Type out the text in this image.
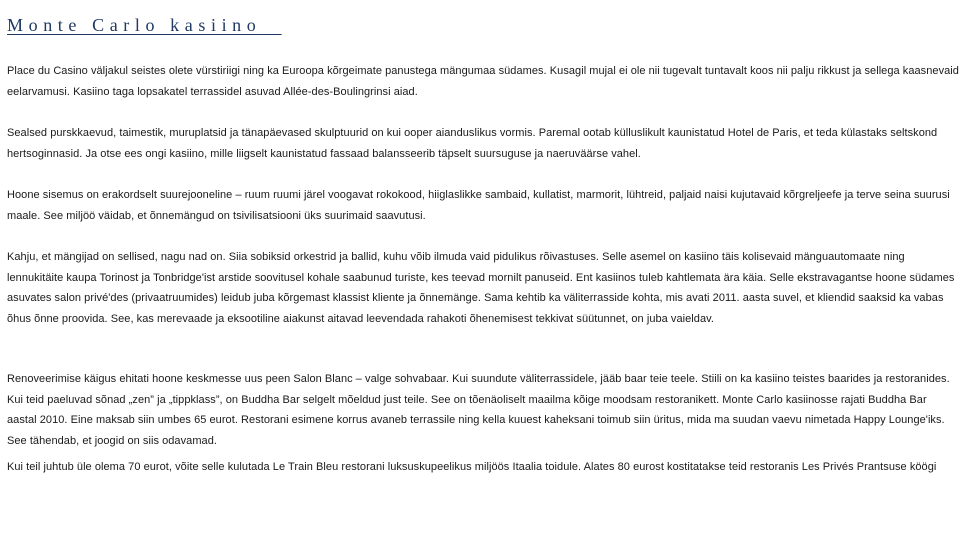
Monte Carlo kasiino

Place du Casino väljakul seistes olete vürstiriigi ning ka Euroopa kõrgeimate panustega mängumaa südames. Kusagil mujal ei ole nii tugevalt tuntavalt koos nii palju rikkust ja sellega kaasnevaid eelarvamusi. Kasiino taga lopsakatel terrassidel asuvad Allée-des-Boulingrinsi aiad.

Sealsed purskkaevud, taimestik, muruplatsid ja tänapäevased skulptuurid on kui ooper aianduslikus vormis. Paremal ootab külluslikult kaunistatud Hotel de Paris, et teda külastaks seltskond hertsoginnasid. Ja otse ees ongi kasiino, mille liigselt kaunistatud fassaad balansseerib täpselt suursuguse ja naeruväärse vahel.

Hoone sisemus on erakordselt suurejooneline – ruum ruumi järel voogavat rokokood, hiiglaslikke sambaid, kullatist, marmorit, lühtreid, paljaid naisi kujutavaid kõrgreljeefe ja terve seina suurusi maale. See miljöö väidab, et õnnemängud on tsivilisatsiooni üks suurimaid saavutusi.

Kahju, et mängijad on sellised, nagu nad on. Siia sobiksid orkestrid ja ballid, kuhu võib ilmuda vaid pidulikus rõivastuses. Selle asemel on kasiino täis kolisevaid mänguautomaate ning lennukitäite kaupa Torinost ja Tonbridge'ist arstide soovitusel kohale saabunud turiste, kes teevad mornilt panuseid. Ent kasiinos tuleb kahtlemata ära käia. Selle ekstravagantse hoone südames asuvates salon privé'des (privaatruumides) leidub juba kõrgemast klassist kliente ja õnnemänge. Sama kehtib ka väliterrasside kohta, mis avati 2011. aasta suvel, et kliendid saaksid ka vabas õhus õnne proovida. See, kas merevaade ja eksootiline aiakunst aitavad leevendada rahakoti õhenemisest tekkivat süütunnet, on juba vaieldav.

Renoveerimise käigus ehitati hoone keskmesse uus peen Salon Blanc – valge sohvabaar. Kui suundute väliterrassidele, jääb baar teie teele. Stiili on ka kasiino teistes baarides ja restoranides. Kui teid paeluvad sõnad „zen” ja „tippklass”, on Buddha Bar selgelt mõeldud just teile. See on tõenäoliselt maailma kõige moodsam restoranikett. Monte Carlo kasiinosse rajati Buddha Bar aastal 2010. Eine maksab siin umbes 65 eurot. Restorani esimene korrus avaneb terrassile ning kella kuuest kaheksani toimub siin üritus, mida ma suudan vaevu nimetada Happy Lounge'iks. See tähendab, et joogid on siis odavamad.

Kui teil juhtub üle olema 70 eurot, võite selle kulutada Le Train Bleu restorani luksuskupeelikus miljöös Itaalia toidule. Alates 80 eurost kostitatakse teid restoranis Les Privés Prantsuse köögi
